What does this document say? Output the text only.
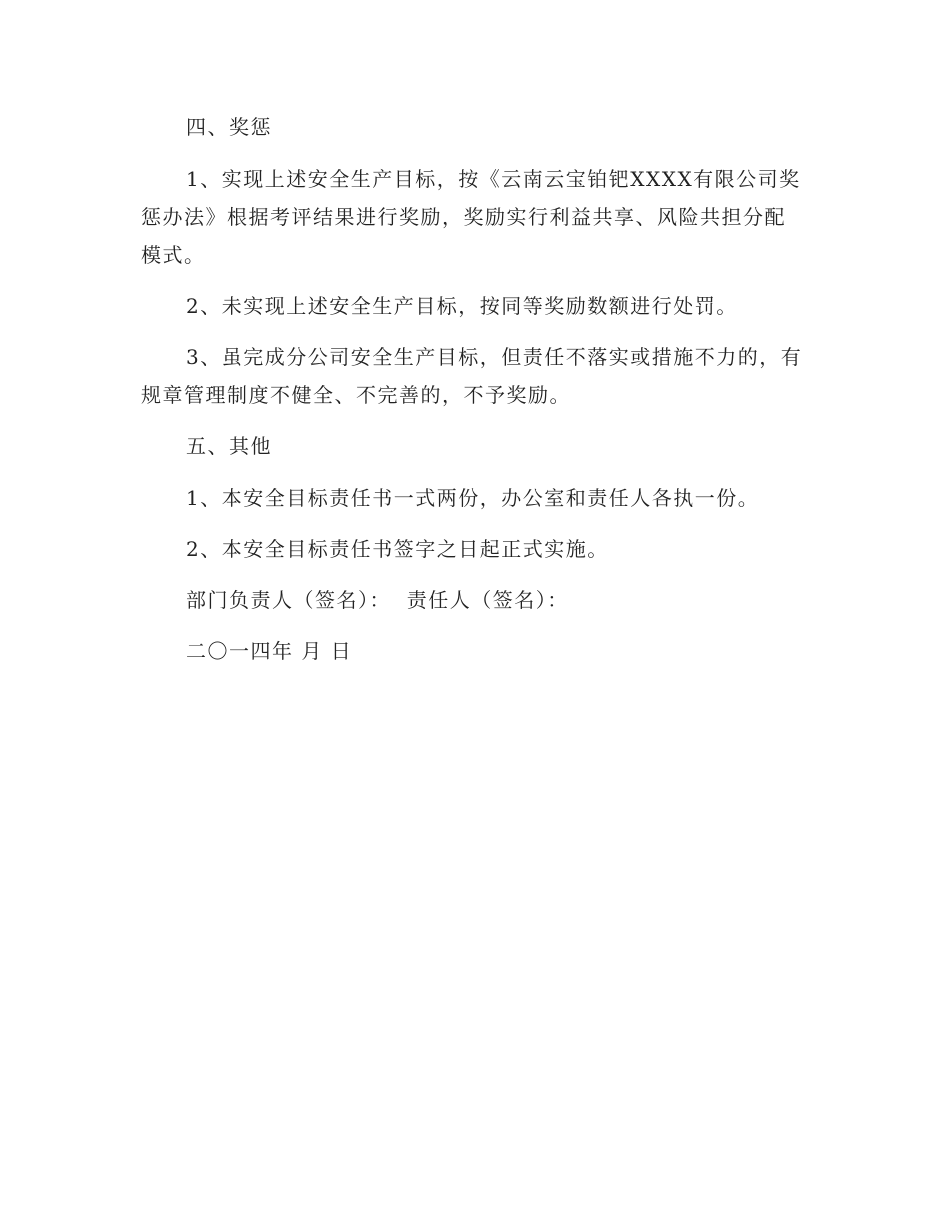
四、奖惩

1、实现上述安全生产目标，按《云南云宝铂钯XXXX有限公司奖惩办法》根据考评结果进行奖励，奖励实行利益共享、风险共担分配模式。

2、未实现上述安全生产目标，按同等奖励数额进行处罚。

3、虽完成分公司安全生产目标，但责任不落实或措施不力的，有规章管理制度不健全、不完善的，不予奖励。

五、其他

1、本安全目标责任书一式两份，办公室和责任人各执一份。

2、本安全目标责任书签字之日起正式实施。

部门负责人（签名）：  责任人（签名）：

二〇一四年 月 日
